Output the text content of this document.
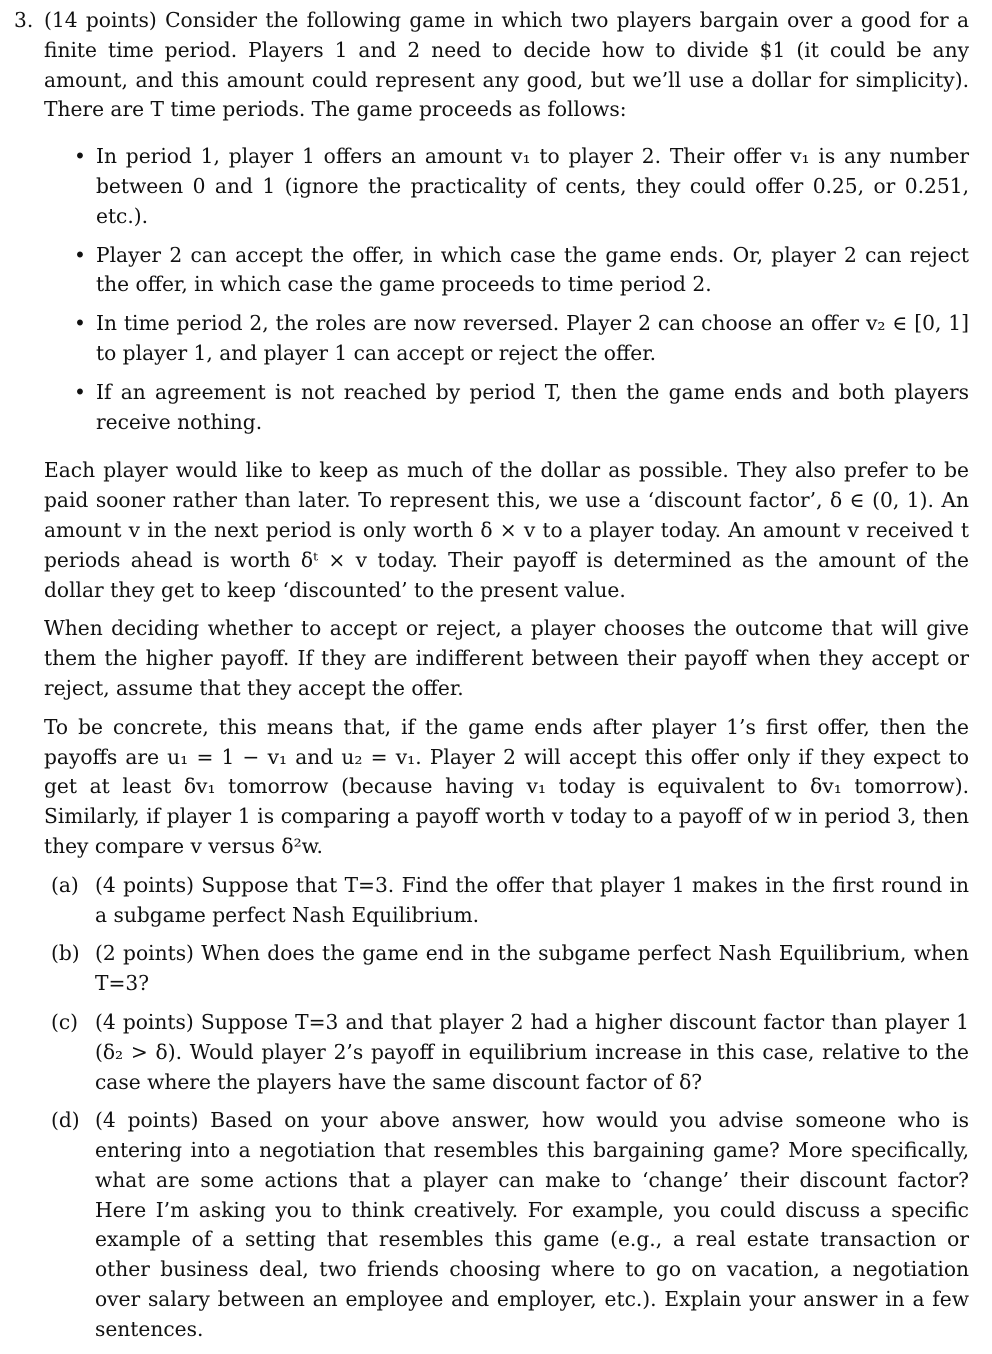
3. (14 points) Consider the following game in which two players bargain over a good for a finite time period. Players 1 and 2 need to decide how to divide $1 (it could be any amount, and this amount could represent any good, but we’ll use a dollar for simplicity). There are T time periods. The game proceeds as follows:

• In period 1, player 1 offers an amount v₁ to player 2. Their offer v₁ is any number between 0 and 1 (ignore the practicality of cents, they could offer 0.25, or 0.251, etc.).
• Player 2 can accept the offer, in which case the game ends. Or, player 2 can reject the offer, in which case the game proceeds to time period 2.
• In time period 2, the roles are now reversed. Player 2 can choose an offer v₂ ∈ [0, 1] to player 1, and player 1 can accept or reject the offer.
• If an agreement is not reached by period T, then the game ends and both players receive nothing.

Each player would like to keep as much of the dollar as possible. They also prefer to be paid sooner rather than later. To represent this, we use a ‘discount factor’, δ ∈ (0, 1). An amount v in the next period is only worth δ × v to a player today. An amount v received t periods ahead is worth δᵗ × v today. Their payoff is determined as the amount of the dollar they get to keep ‘discounted’ to the present value.

When deciding whether to accept or reject, a player chooses the outcome that will give them the higher payoff. If they are indifferent between their payoff when they accept or reject, assume that they accept the offer.

To be concrete, this means that, if the game ends after player 1’s first offer, then the payoffs are u₁ = 1 − v₁ and u₂ = v₁. Player 2 will accept this offer only if they expect to get at least δv₁ tomorrow (because having v₁ today is equivalent to δv₁ tomorrow). Similarly, if player 1 is comparing a payoff worth v today to a payoff of w in period 3, then they compare v versus δ²w.

(a) (4 points) Suppose that T=3. Find the offer that player 1 makes in the first round in a subgame perfect Nash Equilibrium.
(b) (2 points) When does the game end in the subgame perfect Nash Equilibrium, when T=3?
(c) (4 points) Suppose T=3 and that player 2 had a higher discount factor than player 1 (δ₂ > δ). Would player 2’s payoff in equilibrium increase in this case, relative to the case where the players have the same discount factor of δ?
(d) (4 points) Based on your above answer, how would you advise someone who is entering into a negotiation that resembles this bargaining game? More specifically, what are some actions that a player can make to ‘change’ their discount factor? Here I’m asking you to think creatively. For example, you could discuss a specific example of a setting that resembles this game (e.g., a real estate transaction or other business deal, two friends choosing where to go on vacation, a negotiation over salary between an employee and employer, etc.). Explain your answer in a few sentences.
